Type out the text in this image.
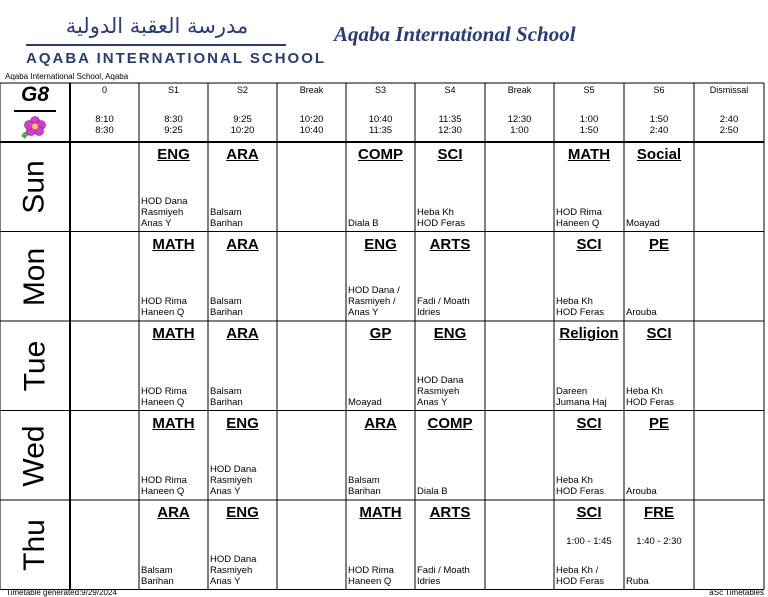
مدرسة العقبة الدولية
AQABA INTERNATIONAL SCHOOL
Aqaba International School
Aqaba International School, Aqaba
G8	0
8:10
8:30
S1
8:30
9:25
S2
9:25
10:20
Break
10:20
10:40
S3
10:40
11:35
S4
11:35
12:30
Break
12:30
1:00
S5
1:00
1:50
S6
1:50
2:40
Dismissal
2:40
2:50
Sun
ENG
HOD Dana
Rasmiyeh
Anas Y
ARA
Balsam
Barihan
COMP
Diala B
SCI
Heba Kh
HOD Feras
MATH
HOD Rima
Haneen Q
Social
Moayad
Mon
MATH
HOD Rima
Haneen Q
ARA
Balsam
Barihan
ENG
HOD Dana /
Rasmiyeh /
Anas Y
ARTS
Fadi / Moath
Idries
SCI
Heba Kh
HOD Feras
PE
Arouba
Tue
MATH
HOD Rima
Haneen Q
ARA
Balsam
Barihan
GP
Moayad
ENG
HOD Dana
Rasmiyeh
Anas Y
Religion
Dareen
Jumana Haj
SCI
Heba Kh
HOD Feras
Wed
MATH
HOD Rima
Haneen Q
ENG
HOD Dana
Rasmiyeh
Anas Y
ARA
Balsam
Barihan
COMP
Diala B
SCI
Heba Kh
HOD Feras
PE
Arouba
Thu
ARA
Balsam
Barihan
ENG
HOD Dana
Rasmiyeh
Anas Y
MATH
HOD Rima
Haneen Q
ARTS
Fadi / Moath
Idries
SCI
1:00 - 1:45
Heba Kh /
HOD Feras
FRE
1:40 - 2:30
Ruba
Timetable generated:9/29/2024	aSc Timetables
